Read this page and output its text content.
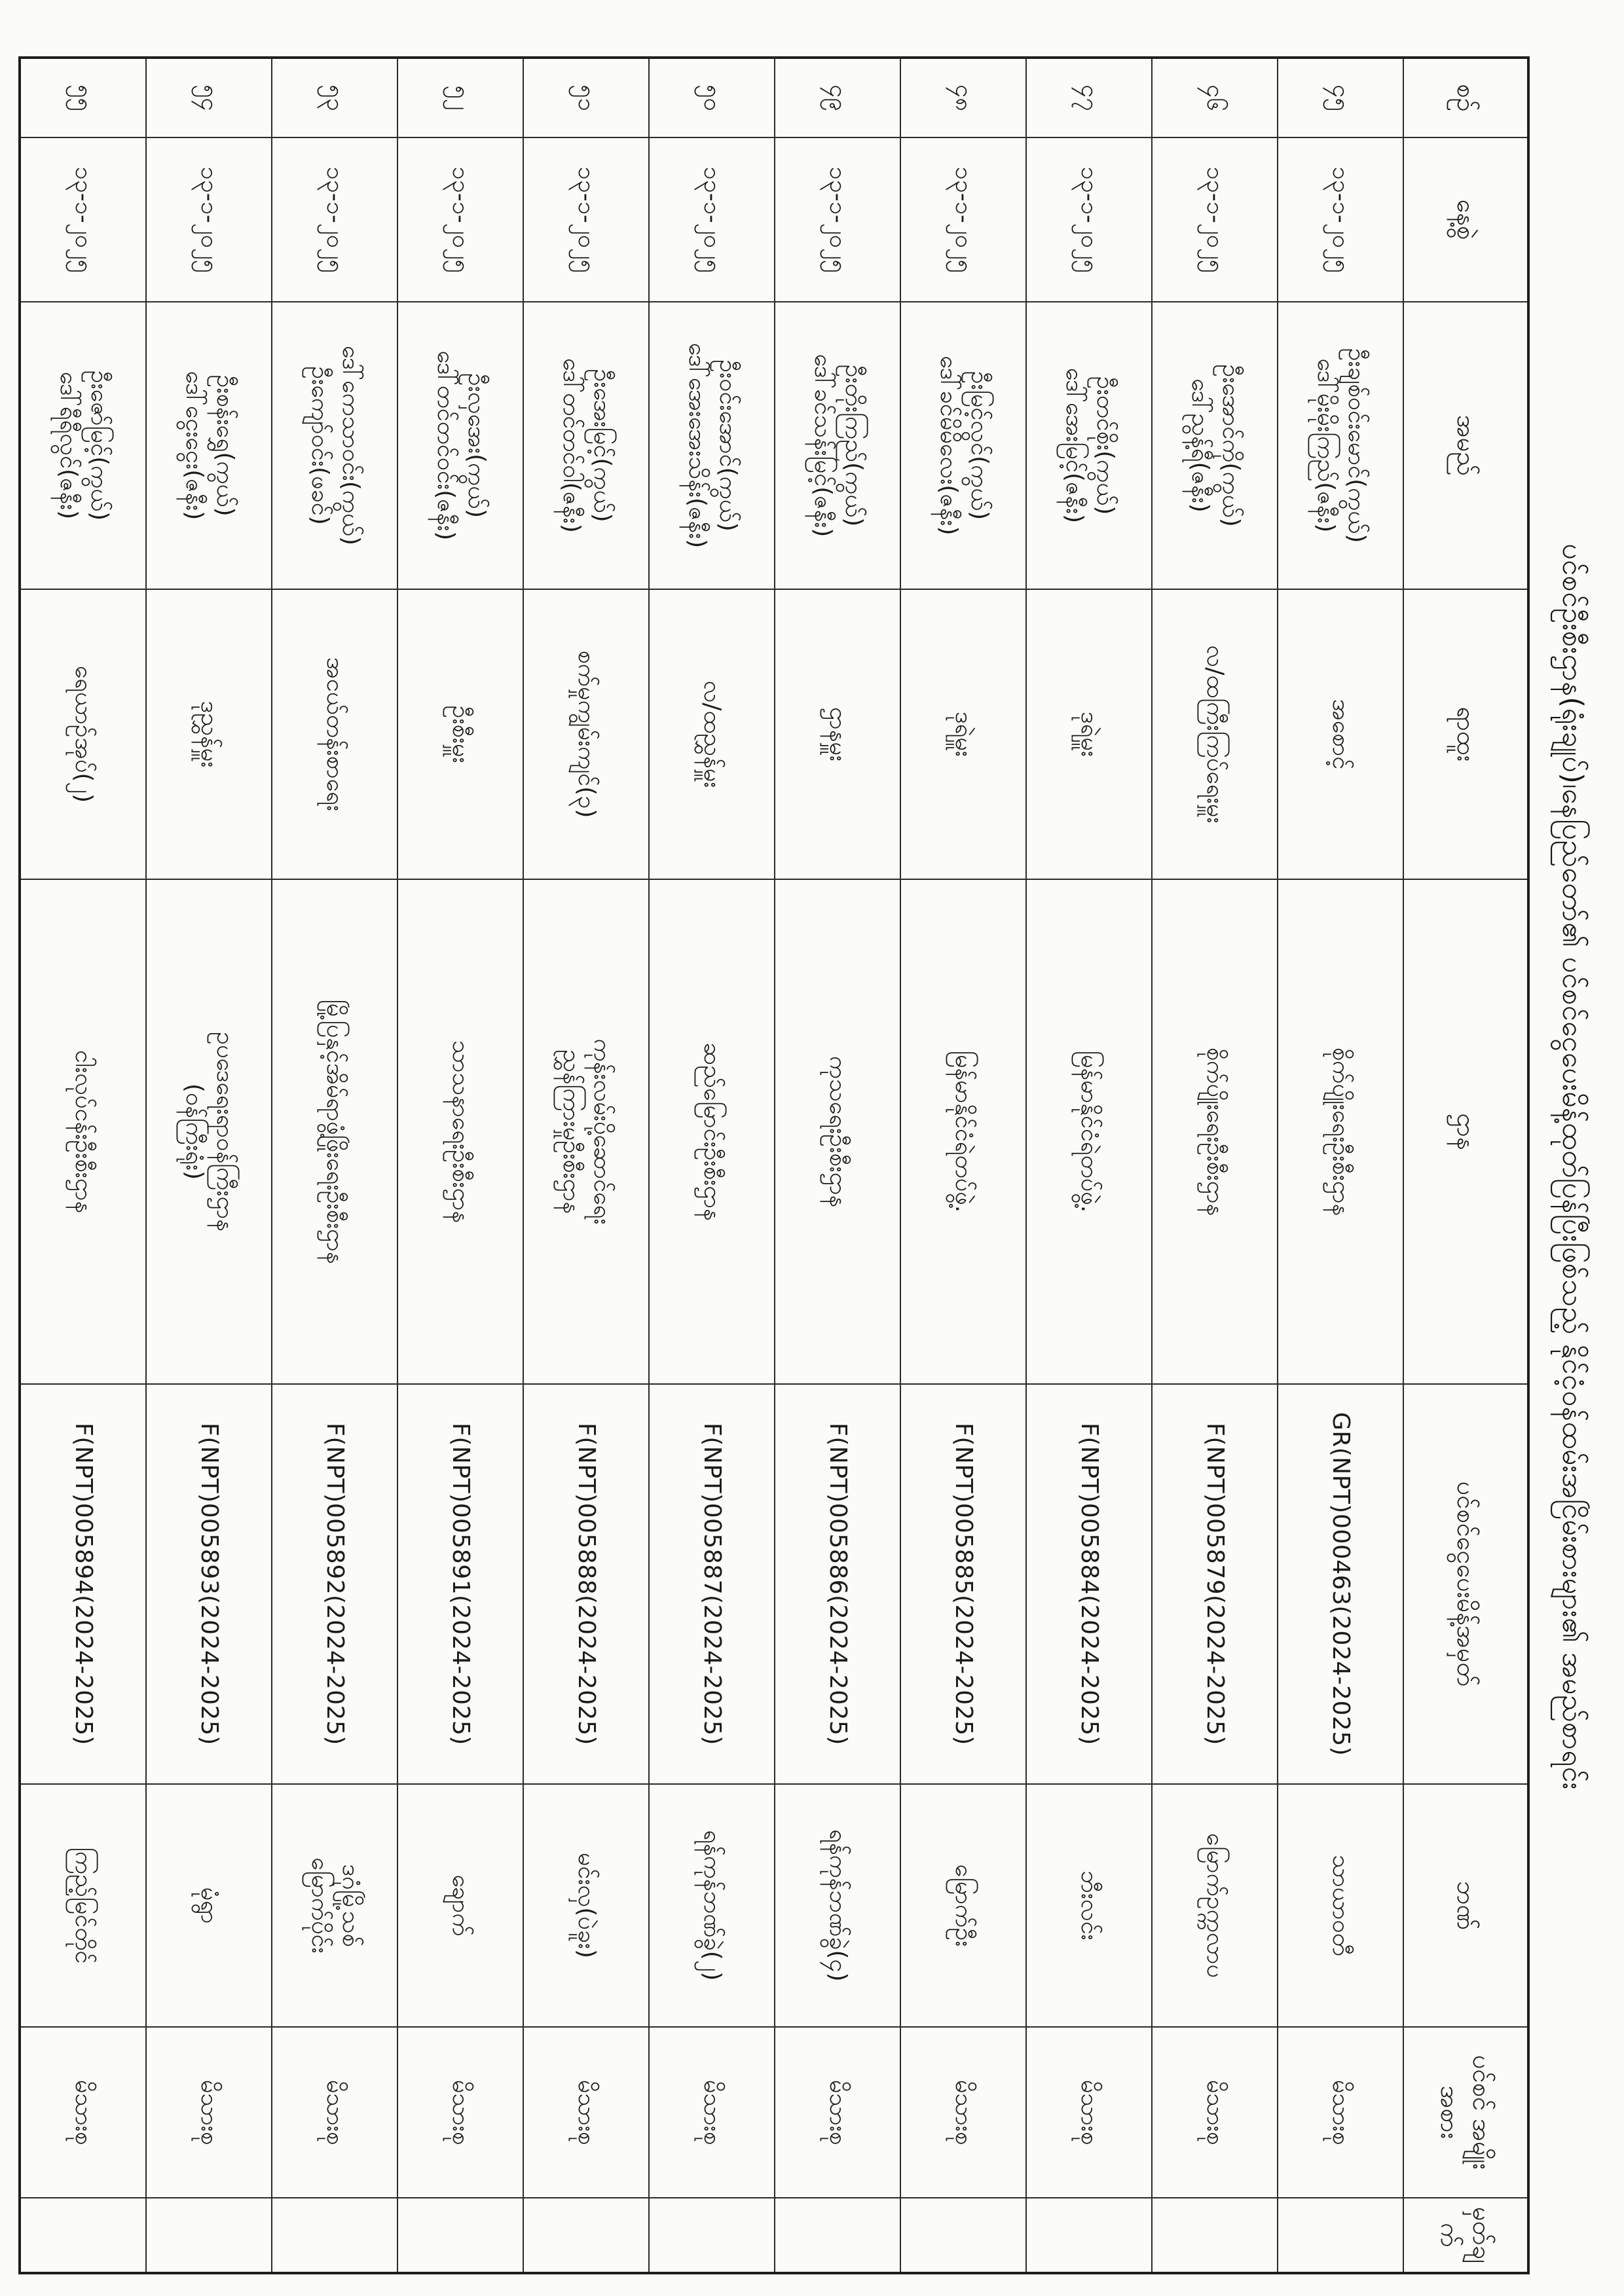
ပင်စင်ဦးစီးဌာန(ရုံးချုပ်)၊နေပြည်တော်၏ ပင်စင်ငွေပေးမိန့်ထုတ်ပြန်ပြီးဖြစ်သည့် နိုင်ငံ့ဝန်ထမ်းအငြိမ်းစားများ၏ အမည်စာရင်း
စဉ်	နေ့စွဲ	အမည်	ရာထူး	ဌာန	ပင်စင်ငွေပေးမိန့်အမှတ်	ဘဏ်	ပင်စင် အမျိုးအစား	မှတ်ချက်
၄၅	၁၃-၁-၂၀၂၅	ဦးချစ်ဝင်းမောင်(ကွယ်)
ဒေါ်မိုးမိုးကြည်(ဇနီး)	အစောင့်	စိုက်ပျိုးရေးဦးစီးဌာန	GR(NPT)000463(2024-2025)	သာယာဝတီ	မိသားစု	
၄၆	၁၃-၁-၂၀၂၅	ဦးအောင်ကို(ကွယ်)
ဒေါ်ညွန့်ရီ(ဇနီး)	လ/ထကြီးကြပ်ရေးမှူး	စိုက်ပျိုးရေးဦးစီးဌာန	F(NPT)005879(2024-2025)	မြောက်ဥက္ကလာပ	မိသားစု	
၄၇	၁၃-၁-၂၀၂၅	ဦးတင်စိုး(ကွယ်)
ဒေါ်အေးမြင့်(ဇနီး)	ဒုရဲမှူး	မြန်မာနိုင်ငံရဲတပ်ဖွဲ့.	F(NPT)005884(2024-2025)	ဘီးလင်း	မိသားစု	
၄၈	၁၃-၁-၂၀၂၅	ဦးမြင့်လွင်(ကွယ်)
ဒေါ်ခင်မိမိလေး(ဇနီး)	ဒုရဲမှူး	မြန်မာနိုင်ငံရဲတပ်ဖွဲ့.	F(NPT)005885(2024-2025)	မြောက်ဦး	မိသားစု	
၄၉	၁၃-၁-၂၀၂၅	ဦးတိုးကြည်(ကွယ်)
ဒေါ်ခင်သန်းမြင့်(ဇနီး)	ဌာနမှူး	ကုသရေးဦးစီးဌာန	F(NPT)005886(2024-2025)	ရန်ကုန်ဘဏ်ခွဲ(၄)	မိသားစု	
၅၀	၁၃-၁-၂၀၂၅	ဦးဝင်းအောင်(ကွယ်)
ဒေါ်အေးအေးသိန်း(ဇနီး)	လ/ထညွှန်မှူး	ဆည်မြောင်းဦးစီးဌာန	F(NPT)005887(2024-2025)	ရန်ကုန်ဘဏ်ခွဲ(၂)	မိသားစု	
၅၁	၁၃-၁-၂၀၂၅	ဦးအေးမြင့်(ကွယ်)
ဒေါ်တင်တင်ဝါ(ဇနီး)	စက်မှုကျွမ်းကျင်(၃)	ကုန်းလမ်းပို့ဆောင်ရေး
ညွှန်ကြားမှုဦးစီးဌာန	F(NPT)005888(2024-2025)	မင်းလှ(ပဲခူး)	မိသားစု	
၅၂	၁၃-၁-၂၀၂၅	ဦးလှအေး(ကွယ်)
ဒေါ်တင်တင်ဝင်း(ဇနီး)	ဦးစီးမှူး	သာသနာရေးဦးစီးဌာန	F(NPT)005891(2024-2025)	ချောက်	မိသားစု	
၅၃	၁၃-၁-၂၀၂၅	ဒေါ်ကေသာဝင်း(ကွယ်)
ဦးကျော်ဝင်း(ဖခင်)	အငယ်တန်းစာရေး	မြို့ပြနှင့်အိမ်ရာဖွံ့ဖြိုးရေးဦးစီးဌာန	F(NPT)005892(2024-2025)	ဒဂုံမြို့သစ်
မြောက်ပိုင်း	မိသားစု	
၅၄	၁၃-၁-၂၀၂၅	ဦးစန်းရွှေ(ကွယ်)
ဒေါ်ငွေးငွေး(ဇနီး)	ဒုညွှန်မှူး	ဥပဒေရေးရာဝန်ကြီးဌာန
(ဝန်ကြီးရုံး)	F(NPT)005893(2024-2025)	မုံရွာ	မိသားစု	
၅၅	၁၃-၁-၂၀၂၅	ဦးဇော်မြင့်(ကွယ်)
ဒေါ်ရီရီလွင်(ဇနီး)	ရေယာဉ်အုပ်(၂)	ငါးလုပ်ငန်းဦးစီးဌာန	F(NPT)005894(2024-2025)	ကြည့်မြင်တိုင်	မိသားစု	
